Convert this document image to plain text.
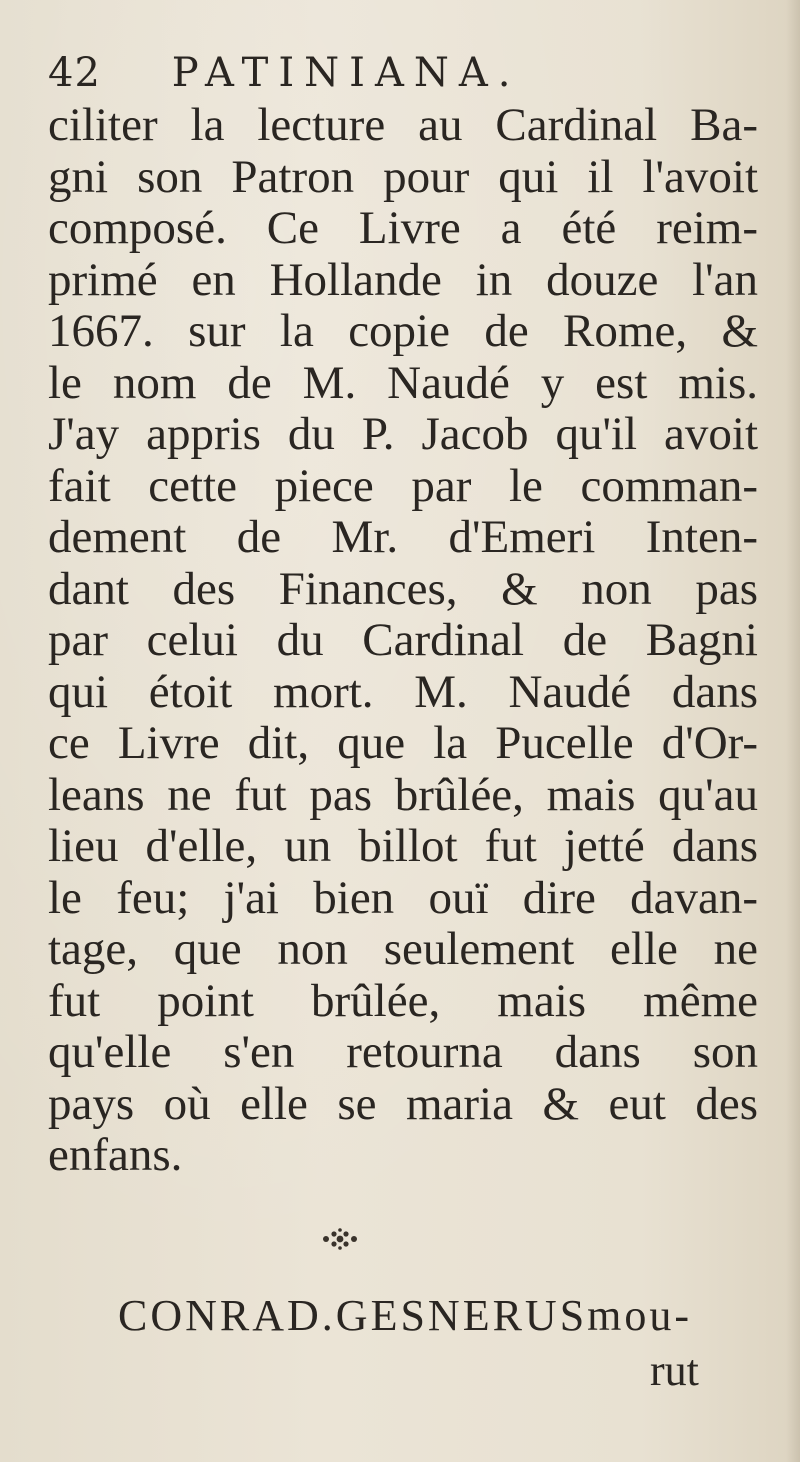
42 PATINIANA.
ciliter la lecture au Cardinal Ba-
gni son Patron pour qui il l'avoit
composé. Ce Livre a été reim-
primé en Hollande in douze l'an
1667. sur la copie de Rome, &
le nom de M. Naudé y est mis.
J'ay appris du P. Jacob qu'il avoit
fait cette piece par le comman-
dement de Mr. d'Emeri Inten-
dant des Finances, & non pas
par celui du Cardinal de Bagni
qui étoit mort. M. Naudé dans
ce Livre dit, que la Pucelle d'Or-
leans ne fut pas brûlée, mais qu'au
lieu d'elle, un billot fut jetté dans
le feu; j'ai bien ouï dire davan-
tage, que non seulement elle ne
fut point brûlée, mais même
qu'elle s'en retourna dans son
pays où elle se maria & eut des
enfans.
CONRAD.GESNERUSmou-
rut
